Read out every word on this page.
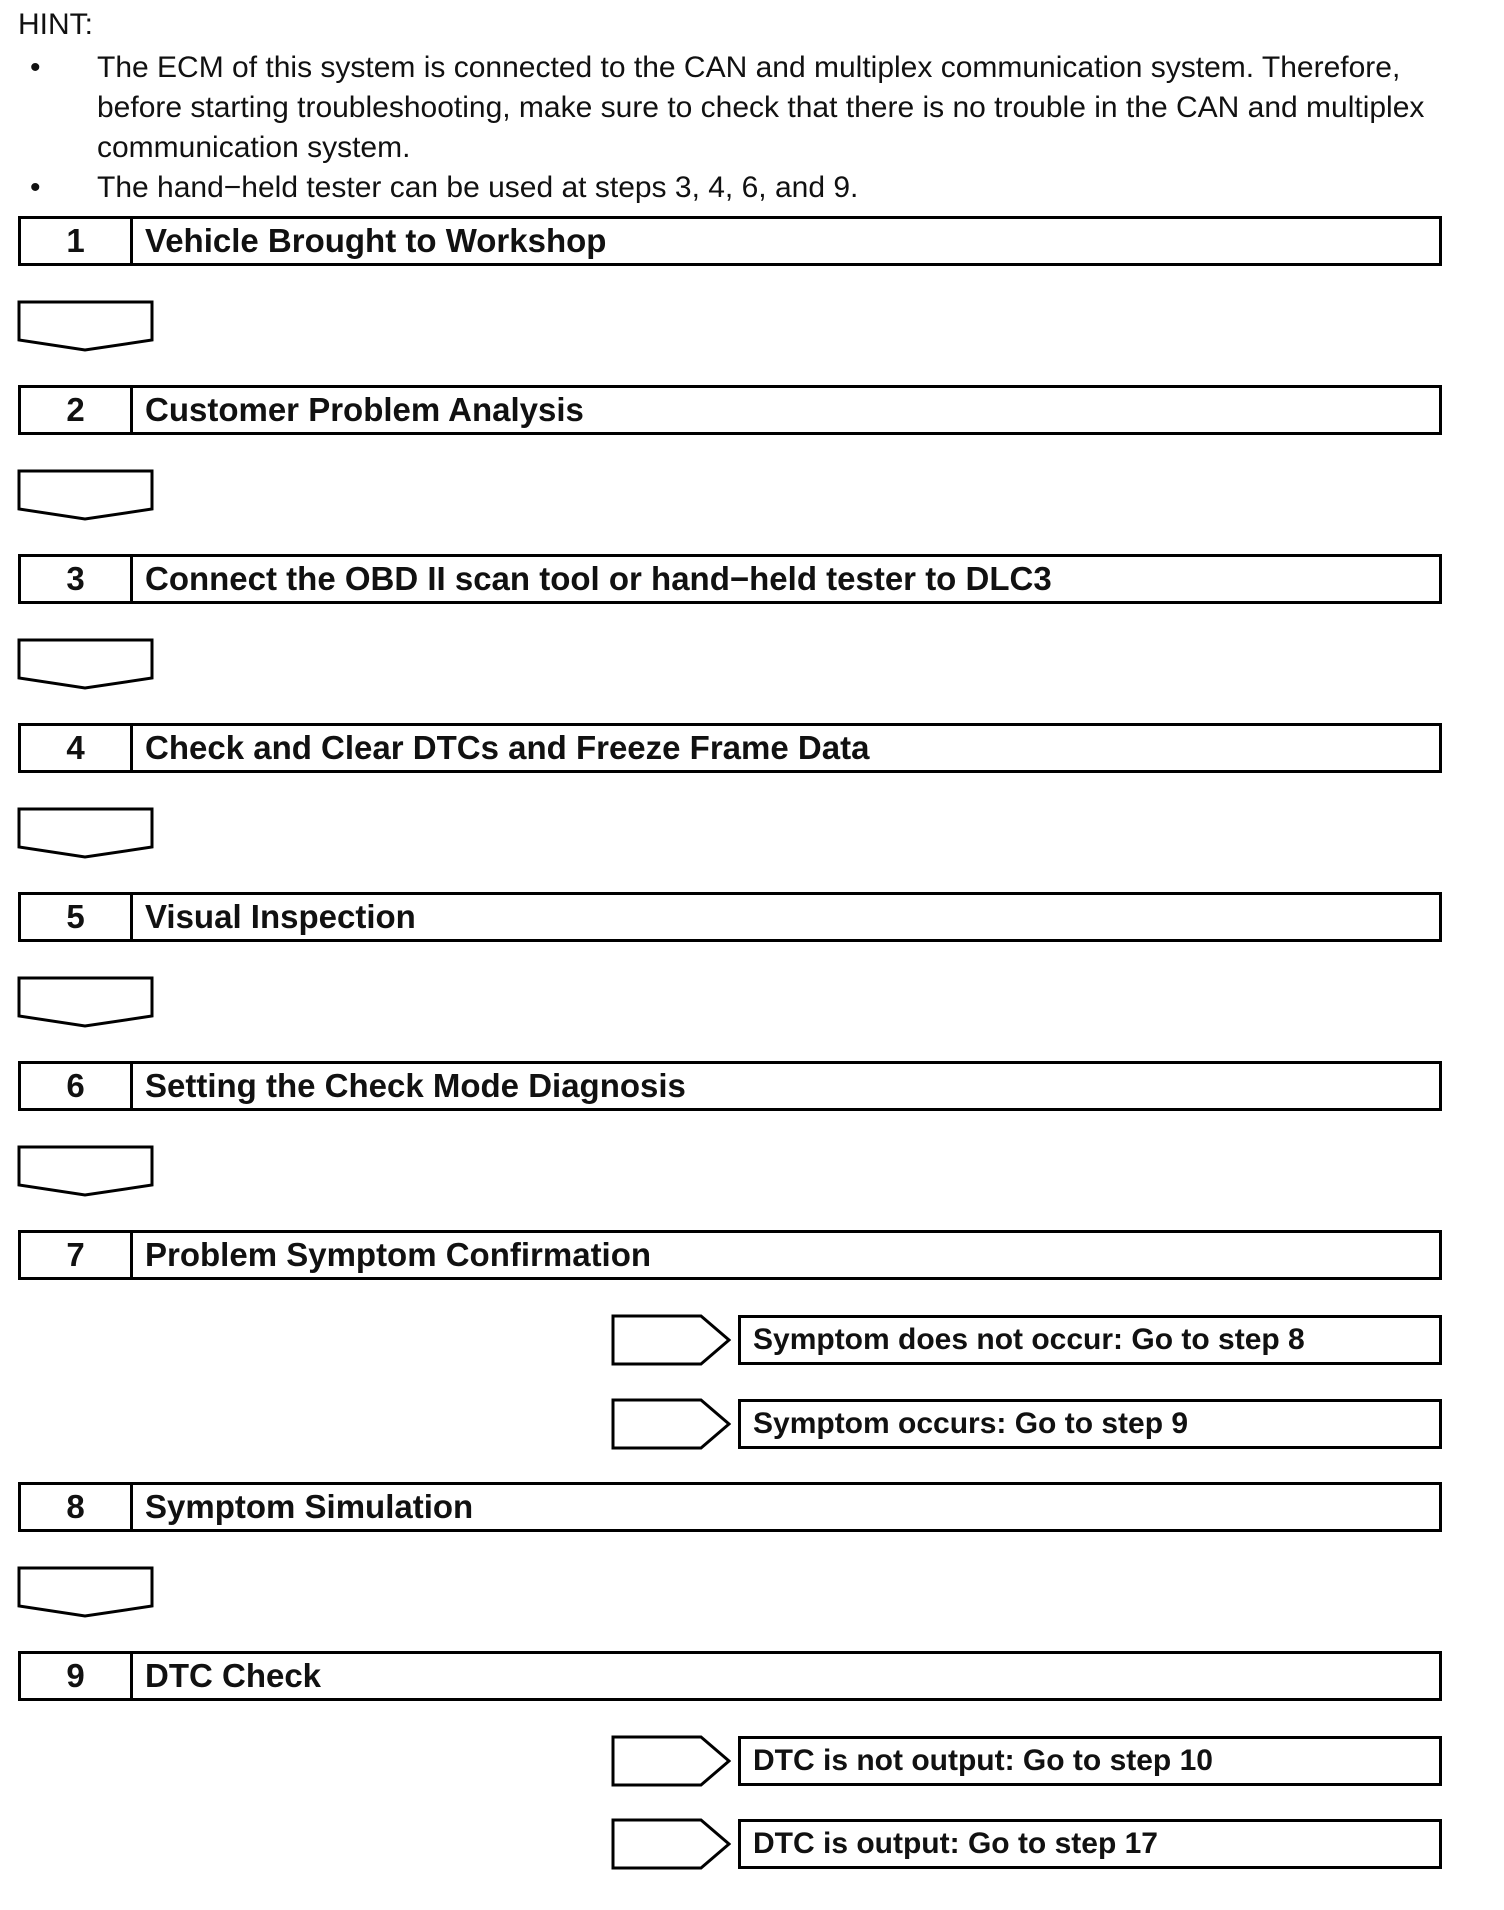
HINT:
• The ECM of this system is connected to the CAN and multiplex communication system. Therefore, before starting troubleshooting, make sure to check that there is no trouble in the CAN and multiplex communication system.
• The hand−held tester can be used at steps 3, 4, 6, and 9.
1	Vehicle Brought to Workshop
2	Customer Problem Analysis
3	Connect the OBD II scan tool or hand−held tester to DLC3
4	Check and Clear DTCs and Freeze Frame Data
5	Visual Inspection
6	Setting the Check Mode Diagnosis
7	Problem Symptom Confirmation
Symptom does not occur: Go to step 8
Symptom occurs: Go to step 9
8	Symptom Simulation
9	DTC Check
DTC is not output: Go to step 10
DTC is output: Go to step 17
